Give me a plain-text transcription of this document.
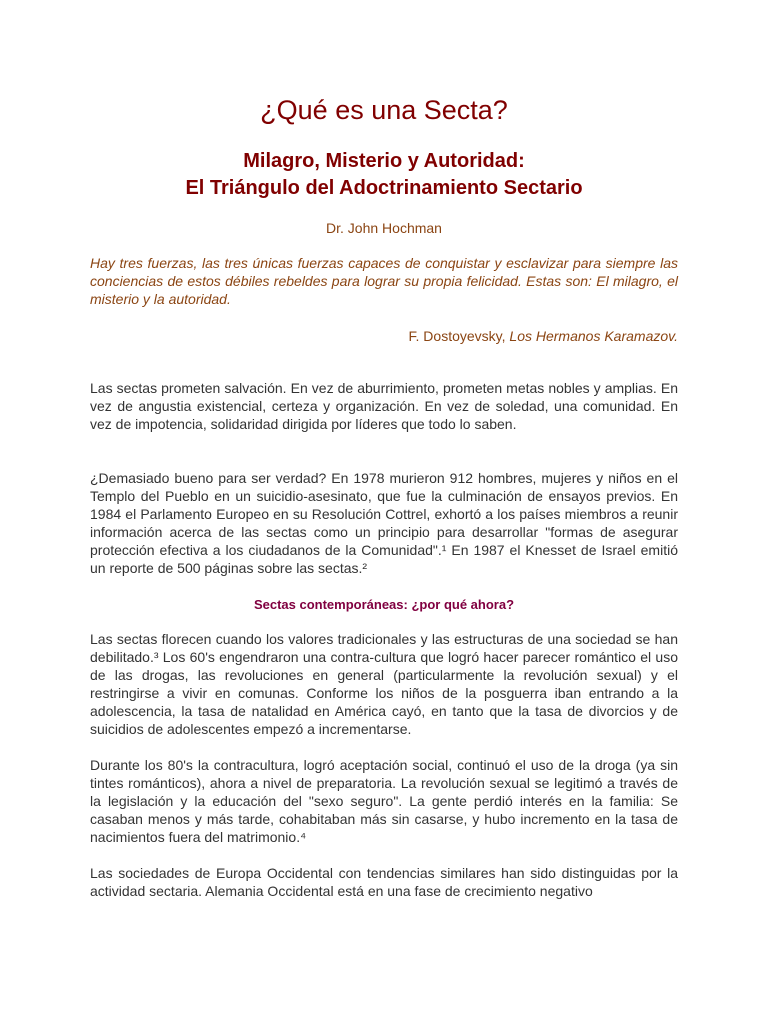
¿Qué es una Secta?
Milagro, Misterio y Autoridad:
El Triángulo del Adoctrinamiento Sectario
Dr. John Hochman
Hay tres fuerzas, las tres únicas fuerzas capaces de conquistar y esclavizar para siempre las conciencias de estos débiles rebeldes para lograr su propia felicidad. Estas son: El milagro, el misterio y la autoridad.
F. Dostoyevsky, Los Hermanos Karamazov.

Las sectas prometen salvación. En vez de aburrimiento, prometen metas nobles y amplias. En vez de angustia existencial, certeza y organización. En vez de soledad, una comunidad. En vez de impotencia, solidaridad dirigida por líderes que todo lo saben.

¿Demasiado bueno para ser verdad? En 1978 murieron 912 hombres, mujeres y niños en el Templo del Pueblo en un suicidio-asesinato, que fue la culminación de ensayos previos. En 1984 el Parlamento Europeo en su Resolución Cottrel, exhortó a los países miembros a reunir información acerca de las sectas como un principio para desarrollar "formas de asegurar protección efectiva a los ciudadanos de la Comunidad".¹ En 1987 el Knesset de Israel emitió un reporte de 500 páginas sobre las sectas.²

Sectas contemporáneas: ¿por qué ahora?

Las sectas florecen cuando los valores tradicionales y las estructuras de una sociedad se han debilitado.³ Los 60's engendraron una contra-cultura que logró hacer parecer romántico el uso de las drogas, las revoluciones en general (particularmente la revolución sexual) y el restringirse a vivir en comunas. Conforme los niños de la posguerra iban entrando a la adolescencia, la tasa de natalidad en América cayó, en tanto que la tasa de divorcios y de suicidios de adolescentes empezó a incrementarse.

Durante los 80's la contracultura, logró aceptación social, continuó el uso de la droga (ya sin tintes románticos), ahora a nivel de preparatoria. La revolución sexual se legitimó a través de la legislación y la educación del "sexo seguro". La gente perdió interés en la familia: Se casaban menos y más tarde, cohabitaban más sin casarse, y hubo incremento en la tasa de nacimientos fuera del matrimonio.⁴

Las sociedades de Europa Occidental con tendencias similares han sido distinguidas por la actividad sectaria. Alemania Occidental está en una fase de crecimiento negativo
